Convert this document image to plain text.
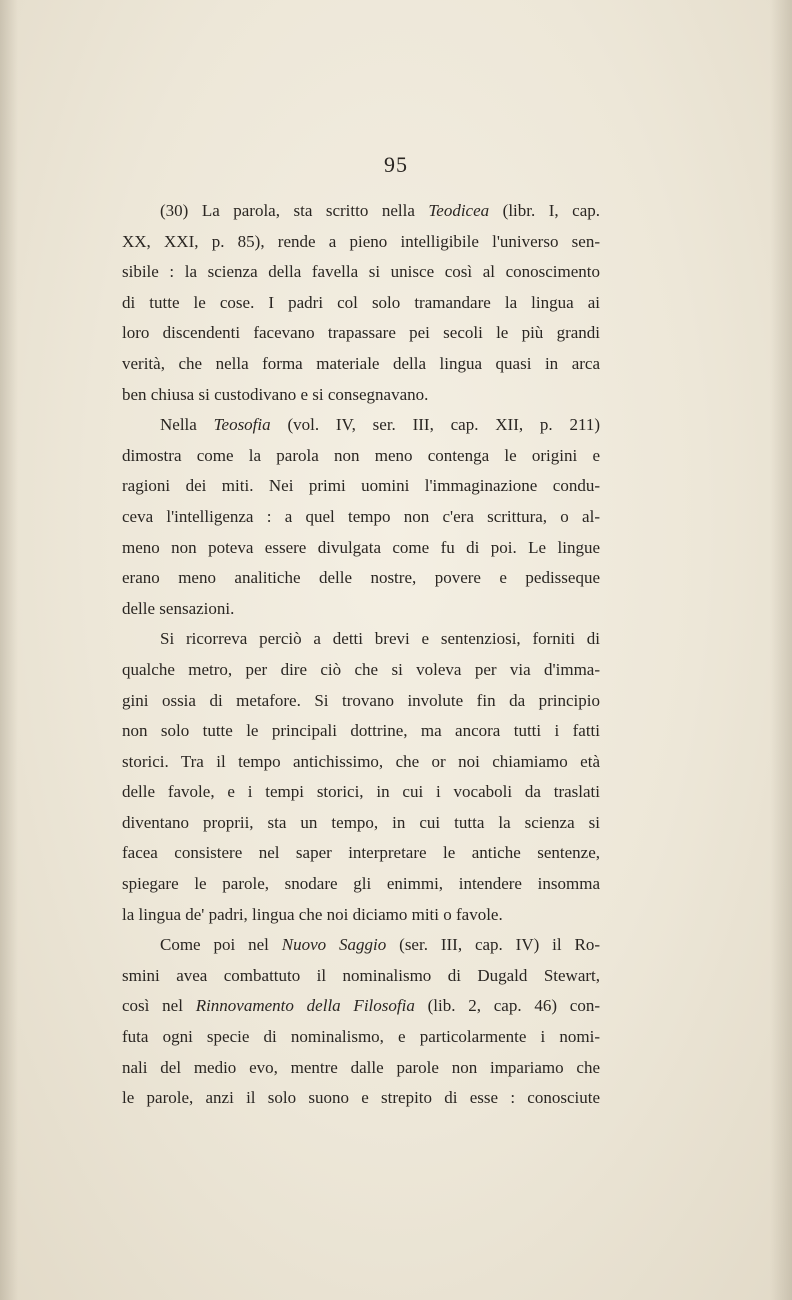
95
(30) La parola, sta scritto nella Teodicea (libr. I, cap.
XX, XXI, p. 85), rende a pieno intelligibile l'universo sen-
sibile : la scienza della favella si unisce così al conoscimento
di tutte le cose. I padri col solo tramandare la lingua ai
loro discendenti facevano trapassare pei secoli le più grandi
verità, che nella forma materiale della lingua quasi in arca
ben chiusa si custodivano e si consegnavano.
Nella Teosofia (vol. IV, ser. III, cap. XII, p. 211)
dimostra come la parola non meno contenga le origini e
ragioni dei miti. Nei primi uomini l'immaginazione condu-
ceva l'intelligenza : a quel tempo non c'era scrittura, o al-
meno non poteva essere divulgata come fu di poi. Le lingue
erano meno analitiche delle nostre, povere e pedisseque
delle sensazioni.
Si ricorreva perciò a detti brevi e sentenziosi, forniti di
qualche metro, per dire ciò che si voleva per via d'imma-
gini ossia di metafore. Si trovano involute fin da principio
non solo tutte le principali dottrine, ma ancora tutti i fatti
storici. Tra il tempo antichissimo, che or noi chiamiamo età
delle favole, e i tempi storici, in cui i vocaboli da traslati
diventano proprii, sta un tempo, in cui tutta la scienza si
facea consistere nel saper interpretare le antiche sentenze,
spiegare le parole, snodare gli enimmi, intendere insomma
la lingua de' padri, lingua che noi diciamo miti o favole.
Come poi nel Nuovo Saggio (ser. III, cap. IV) il Ro-
smini avea combattuto il nominalismo di Dugald Stewart,
così nel Rinnovamento della Filosofia (lib. 2, cap. 46) con-
futa ogni specie di nominalismo, e particolarmente i nomi-
nali del medio evo, mentre dalle parole non impariamo che
le parole, anzi il solo suono e strepito di esse : conosciute
